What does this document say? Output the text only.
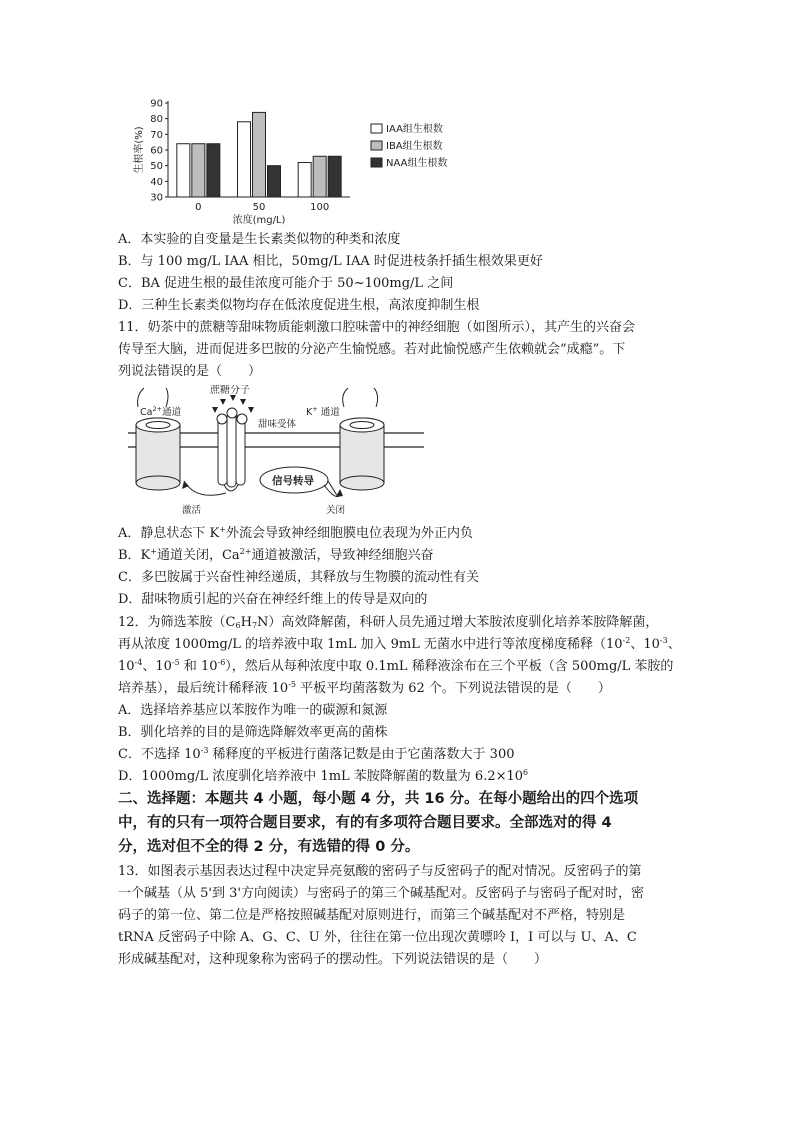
30
40
50
60
70
80
90
生根率(%)
0	50	100
浓度(mg/L)
IAA组生根数
IBA组生根数
NAA组生根数
A．本实验的自变量是生长素类似物的种类和浓度
B．与 100 mg/L IAA 相比，50mg/L IAA 时促进枝条扦插生根效果更好
C．BA 促进生根的最佳浓度可能介于 50~100mg/L 之间
D．三种生长素类似物均存在低浓度促进生根，高浓度抑制生根
11．奶茶中的蔗糖等甜味物质能刺激口腔味蕾中的神经细胞（如图所示），其产生的兴奋会
传导至大脑，进而促进多巴胺的分泌产生愉悦感。若对此愉悦感产生依赖就会“成瘾”。下
列说法错误的是（　　）
蔗糖分子
$Ca^{2+}$通道	K+ 通道
甜味受体
信号转导
激活	关闭
A．静息状态下 K+外流会导致神经细胞膜电位表现为外正内负
B．K+通道关闭，$Ca^{2+}$通道被激活，导致神经细胞兴奋
C．多巴胺属于兴奋性神经递质，其释放与生物膜的流动性有关
D．甜味物质引起的兴奋在神经纤维上的传导是双向的
12．为筛选苯胺$(C_6H_7N)$高效降解菌，科研人员先通过增大苯胺浓度驯化培养苯胺降解菌，
再从浓度 1000mg/L 的培养液中取 1mL 加入 9mL 无菌水中进行等浓度梯度稀释（$10^{-2}$、$10^{-3}$、
$10^{-4}$、$10^{-5}$ 和 $10^{-6}$），然后从每种浓度中取 0.1mL 稀释液涂布在三个平板（含 500mg/L 苯胺的
培养基），最后统计稀释液 $10^{-5}$ 平板平均菌落数为 62 个。下列说法错误的是（　　）
A．选择培养基应以苯胺作为唯一的碳源和氮源
B．驯化培养的目的是筛选降解效率更高的菌株
C．不选择 $10^{-3}$ 稀释度的平板进行菌落记数是由于它菌落数大于 300
D．1000mg/L 浓度驯化培养液中 1mL 苯胺降解菌的数量为 $6.2\times 10^6$
二、选择题：本题共 4 小题，每小题 4 分，共 16 分。在每小题给出的四个选项
中，有的只有一项符合题目要求，有的有多项符合题目要求。全部选对的得 4
分，选对但不全的得 2 分，有选错的得 0 分。
13．如图表示基因表达过程中决定异亮氨酸的密码子与反密码子的配对情况。反密码子的第
一个碱基（从 5'到 3'方向阅读）与密码子的第三个碱基配对。反密码子与密码子配对时，密
码子的第一位、第二位是严格按照碱基配对原则进行，而第三个碱基配对不严格，特别是
tRNA 反密码子中除 A、G、C、U 外，往往在第一位出现次黄嘌呤 I，I 可以与 U、A、C
形成碱基配对，这种现象称为密码子的摆动性。下列说法错误的是（　　）
